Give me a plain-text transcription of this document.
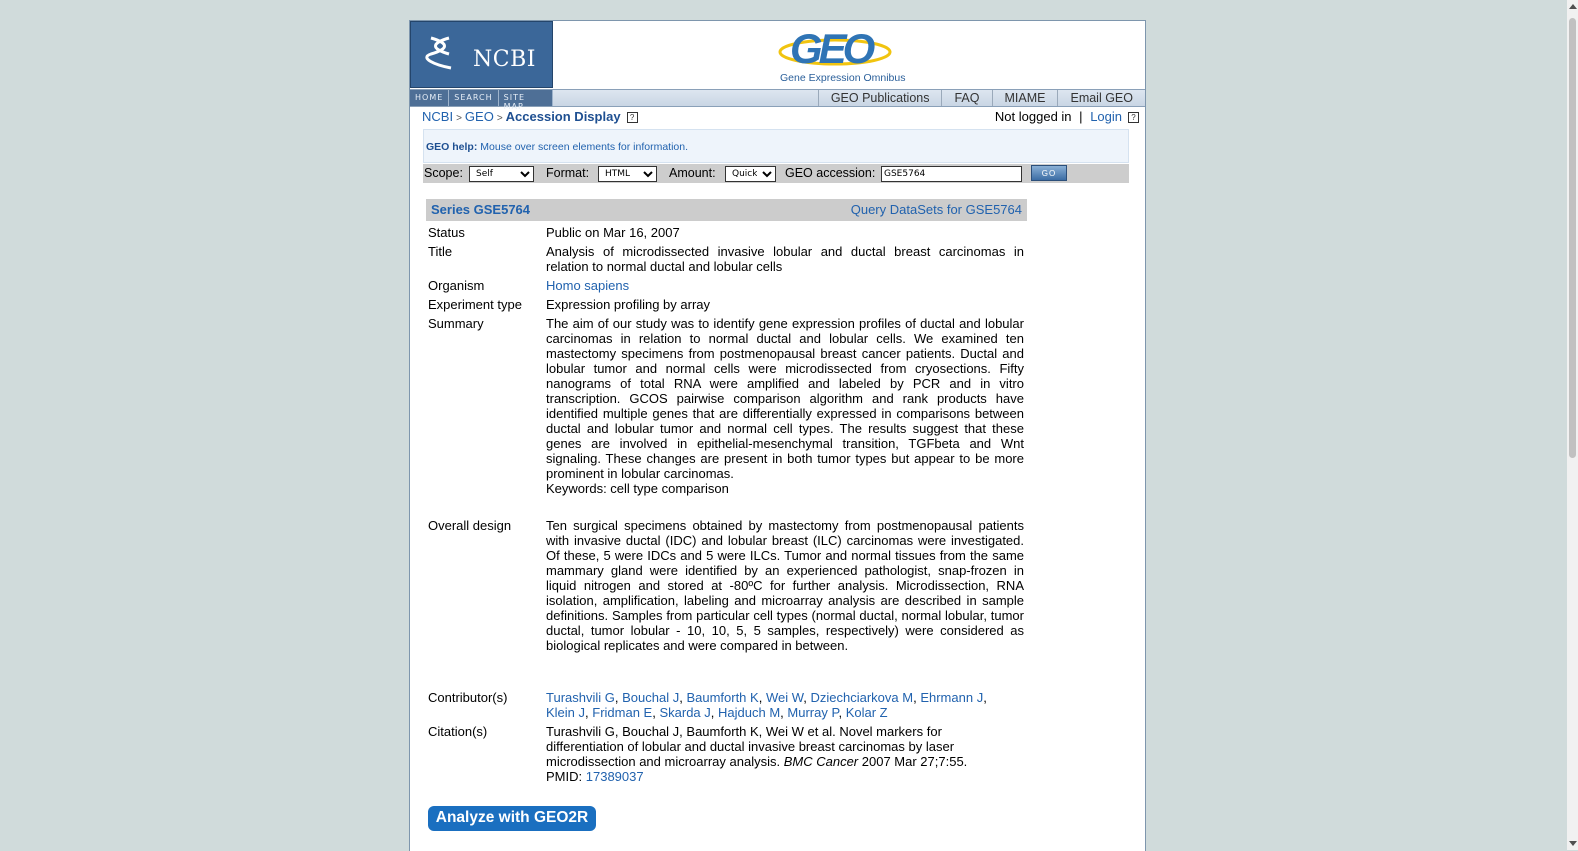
NCBI	GEO
Gene Expression Omnibus
HOME	SEARCH	SITE MAP
GEO Publications	FAQ	MIAME	Email GEO
NCBI > GEO > Accession Display ?	Not logged in | Login ?
GEO help: Mouse over screen elements for information.
Scope:
Self	Format:
HTML	Amount:
Quick	GEO accession:
GSE5764	GO
Series GSE5764	Query DataSets for GSE5764
Status	Public on Mar 16, 2007
Title	Analysis of microdissected invasive lobular and ductal breast carcinomas in relation to normal ductal and lobular cells
Organism	Homo sapiens
Experiment type	Expression profiling by array
Summary	The aim of our study was to identify gene expression profiles of ductal and lobular carcinomas in relation to normal ductal and lobular cells. We examined ten mastectomy specimens from postmenopausal breast cancer patients. Ductal and lobular tumor and normal cells were microdissected from cryosections. Fifty nanograms of total RNA were amplified and labeled by PCR and in vitro transcription. GCOS pairwise comparison algorithm and rank products have identified multiple genes that are differentially expressed in comparisons between ductal and lobular tumor and normal cell types. The results suggest that these genes are involved in epithelial-mesenchymal transition, TGFbeta and Wnt signaling. These changes are present in both tumor types but appear to be more prominent in lobular carcinomas.

Keywords: cell type comparison
Overall design	Ten surgical specimens obtained by mastectomy from postmenopausal patients with invasive ductal (IDC) and lobular breast (ILC) carcinomas were investigated. Of these, 5 were IDCs and 5 were ILCs. Tumor and normal tissues from the same mammary gland were identified by an experienced pathologist, snap-frozen in liquid nitrogen and stored at -80ºC for further analysis. Microdissection, RNA isolation, amplification, labeling and microarray analysis are described in sample definitions. Samples from particular cell types (normal ductal, normal lobular, tumor ductal, tumor lobular - 10, 10, 5, 5 samples, respectively) were considered as biological replicates and were compared in between.
Contributor(s)	Turashvili G, Bouchal J, Baumforth K, Wei W, Dziechciarkova M, Ehrmann J,
Klein J, Fridman E, Skarda J, Hajduch M, Murray P, Kolar Z
Citation(s)	Turashvili G, Bouchal J, Baumforth K, Wei W et al. Novel markers for differentiation of lobular and ductal invasive breast carcinomas by laser microdissection and microarray analysis. BMC Cancer 2007 Mar 27;7:55.
PMID: 17389037
Analyze with GEO2R
